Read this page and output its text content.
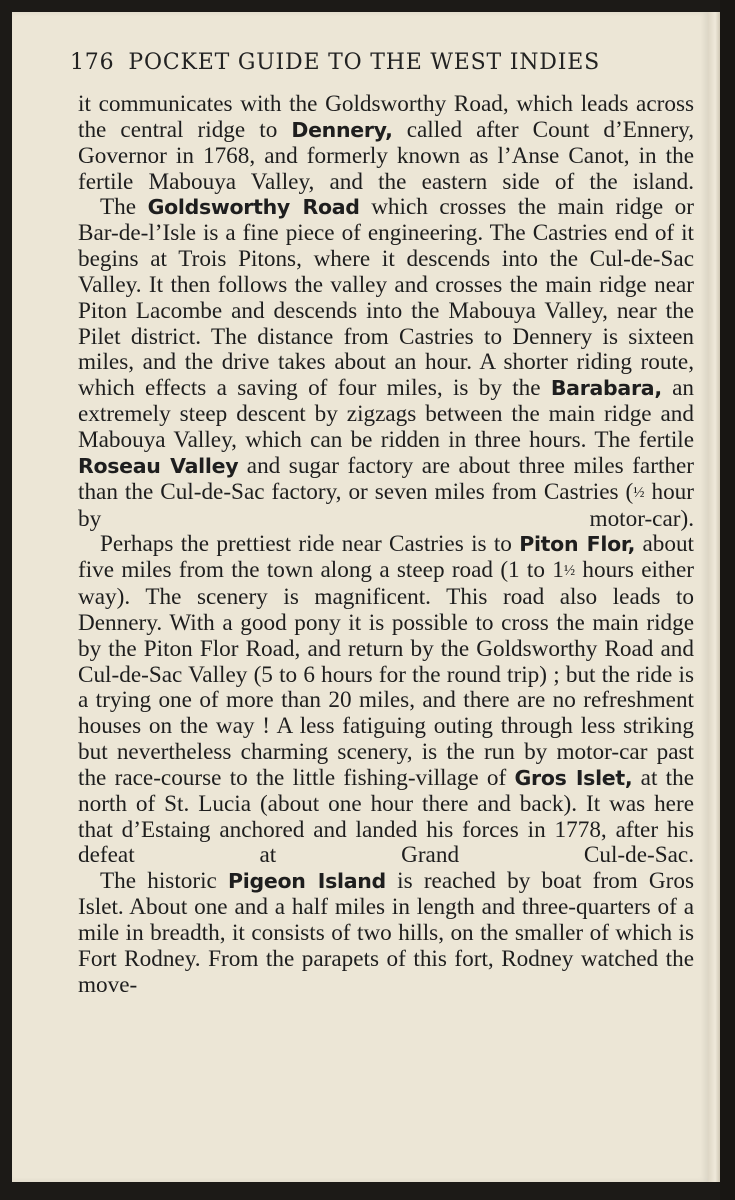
176 POCKET GUIDE TO THE WEST INDIES

it communicates with the Goldsworthy Road, which leads across the central ridge to Dennery, called after Count d’Ennery, Governor in 1768, and formerly known as l’Anse Canot, in the fertile Mabouya Valley, and the eastern side of the island.

The Goldsworthy Road which crosses the main ridge or Bar-de-l’Isle is a fine piece of engineering. The Castries end of it begins at Trois Pitons, where it descends into the Cul-de-Sac Valley. It then follows the valley and crosses the main ridge near Piton Lacombe and descends into the Mabouya Valley, near the Pilet district. The distance from Castries to Dennery is sixteen miles, and the drive takes about an hour. A shorter riding route, which effects a saving of four miles, is by the Barabara, an extremely steep descent by zigzags between the main ridge and Mabouya Valley, which can be ridden in three hours. The fertile Roseau Valley and sugar factory are about three miles farther than the Cul-de-Sac factory, or seven miles from Castries (½ hour by motor-car).

Perhaps the prettiest ride near Castries is to Piton Flor, about five miles from the town along a steep road (1 to 1½ hours either way). The scenery is magnificent. This road also leads to Dennery. With a good pony it is possible to cross the main ridge by the Piton Flor Road, and return by the Goldsworthy Road and Cul-de-Sac Valley (5 to 6 hours for the round trip) ; but the ride is a trying one of more than 20 miles, and there are no refreshment houses on the way ! A less fatiguing outing through less striking but nevertheless charming scenery, is the run by motor-car past the race-course to the little fishing-village of Gros Islet, at the north of St. Lucia (about one hour there and back). It was here that d’Estaing anchored and landed his forces in 1778, after his defeat at Grand Cul-de-Sac.

The historic Pigeon Island is reached by boat from Gros Islet. About one and a half miles in length and three-quarters of a mile in breadth, it consists of two hills, on the smaller of which is Fort Rodney. From the parapets of this fort, Rodney watched the move-
